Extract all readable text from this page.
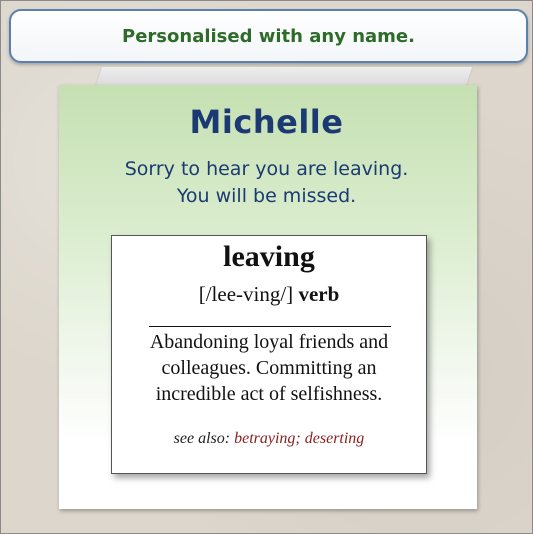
Personalised with any name.
Michelle
Sorry to hear you are leaving.
You will be missed.
leaving
[/lee-ving/] verb
Abandoning loyal friends and
colleagues. Committing an
incredible act of selfishness.
see also: betraying; deserting
